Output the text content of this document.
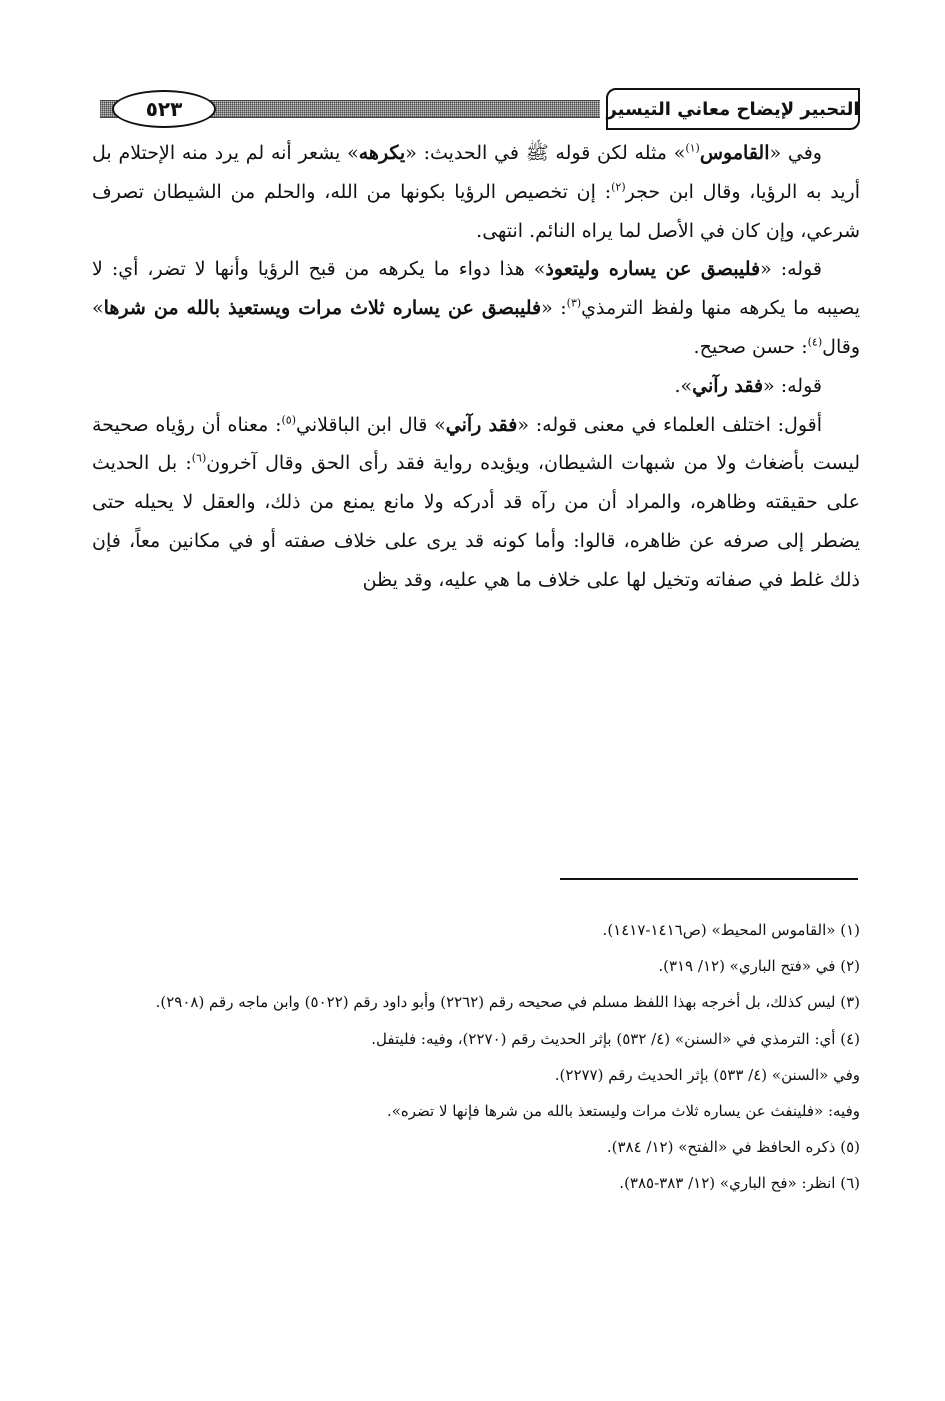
٥٢٣	التحبير لإيضاح معاني التيسير

وفي «القاموس$^{(١)}$» مثله لكن قوله ﷺ في الحديث: «يكرهه» يشعر أنه لم يرد منه الإحتلام بل أريد به الرؤيا، وقال ابن حجر$^{(٢)}$: إن تخصيص الرؤيا بكونها من الله، والحلم من الشيطان تصرف شرعي، وإن كان في الأصل لما يراه النائم. انتهى.

قوله: «فليبصق عن يساره وليتعوذ» هذا دواء ما يكرهه من قبح الرؤيا وأنها لا تضر، أي: لا يصيبه ما يكرهه منها ولفظ الترمذي$^{(٣)}$: «فليبصق عن يساره ثلاث مرات ويستعيذ بالله من شرها» وقال$^{(٤)}$: حسن صحيح.

قوله: «فقد رآني».

أقول: اختلف العلماء في معنى قوله: «فقد رآني» قال ابن الباقلاني$^{(٥)}$: معناه أن رؤياه صحيحة ليست بأضغاث ولا من شبهات الشيطان، ويؤيده رواية فقد رأى الحق وقال آخرون$^{(٦)}$: بل الحديث على حقيقته وظاهره، والمراد أن من رآه قد أدركه ولا مانع يمنع من ذلك، والعقل لا يحيله حتى يضطر إلى صرفه عن ظاهره، قالوا: وأما كونه قد يرى على خلاف صفته أو في مكانين معاً، فإن ذلك غلط في صفاته وتخيل لها على خلاف ما هي عليه، وقد يظن

(١) «القاموس المحيط» (ص١٤١٦-١٤١٧).

(٢) في «فتح الباري» (١٢/ ٣١٩).

(٣) ليس كذلك، بل أخرجه بهذا اللفظ مسلم في صحيحه رقم (٢٢٦٢) وأبو داود رقم (٥٠٢٢) وابن ماجه رقم (٢٩٠٨).

(٤) أي: الترمذي في «السنن» (٤/ ٥٣٢) بإثر الحديث رقم (٢٢٧٠)، وفيه: فليتفل.

وفي «السنن» (٤/ ٥٣٣) بإثر الحديث رقم (٢٢٧٧).

وفيه: «فلينفث عن يساره ثلاث مرات وليستعذ بالله من شرها فإنها لا تضره».

(٥) ذكره الحافظ في «الفتح» (١٢/ ٣٨٤).

(٦) انظر: «فح الباري» (١٢/ ٣٨٣-٣٨٥).
